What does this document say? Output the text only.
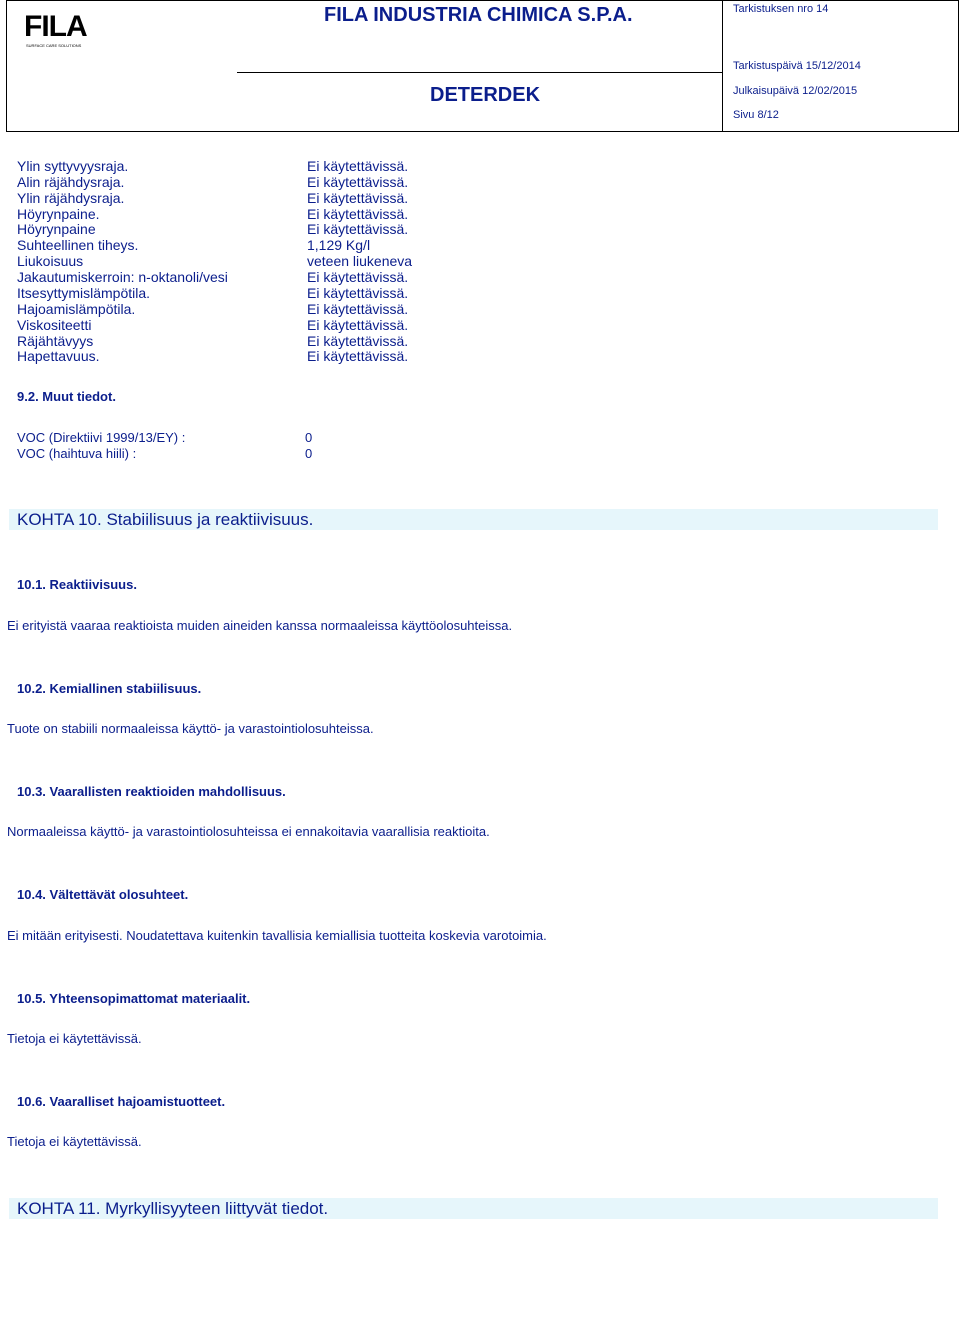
FILA
SURFACE CARE SOLUTIONS
FILA INDUSTRIA CHIMICA S.P.A.
DETERDEK
Tarkistuksen nro 14
Tarkistuspäivä 15/12/2014
Julkaisupäivä 12/02/2015
Sivu 8/12
Ylin syttyvyysraja.	Ei käytettävissä.
Alin räjähdysraja.	Ei käytettävissä.
Ylin räjähdysraja.	Ei käytettävissä.
Höyrynpaine.	Ei käytettävissä.
Höyrynpaine	Ei käytettävissä.
Suhteellinen tiheys.	1,129 Kg/l
Liukoisuus	veteen liukeneva
Jakautumiskerroin: n-oktanoli/vesi	Ei käytettävissä.
Itsesyttymislämpötila.	Ei käytettävissä.
Hajoamislämpötila.	Ei käytettävissä.
Viskositeetti	Ei käytettävissä.
Räjähtävyys	Ei käytettävissä.
Hapettavuus.	Ei käytettävissä.
9.2. Muut tiedot.
VOC (Direktiivi 1999/13/EY) :	0
VOC (haihtuva hiili) :	0
KOHTA 10. Stabiilisuus ja reaktiivisuus.
10.1. Reaktiivisuus.
Ei erityistä vaaraa reaktioista muiden aineiden kanssa normaaleissa käyttöolosuhteissa.
10.2. Kemiallinen stabiilisuus.
Tuote on stabiili normaaleissa käyttö- ja varastointiolosuhteissa.
10.3. Vaarallisten reaktioiden mahdollisuus.
Normaaleissa käyttö- ja varastointiolosuhteissa ei ennakoitavia vaarallisia reaktioita.
10.4. Vältettävät olosuhteet.
Ei mitään erityisesti. Noudatettava kuitenkin tavallisia kemiallisia tuotteita koskevia varotoimia.
10.5. Yhteensopimattomat materiaalit.
Tietoja ei käytettävissä.
10.6. Vaaralliset hajoamistuotteet.
Tietoja ei käytettävissä.
KOHTA 11. Myrkyllisyyteen liittyvät tiedot.
